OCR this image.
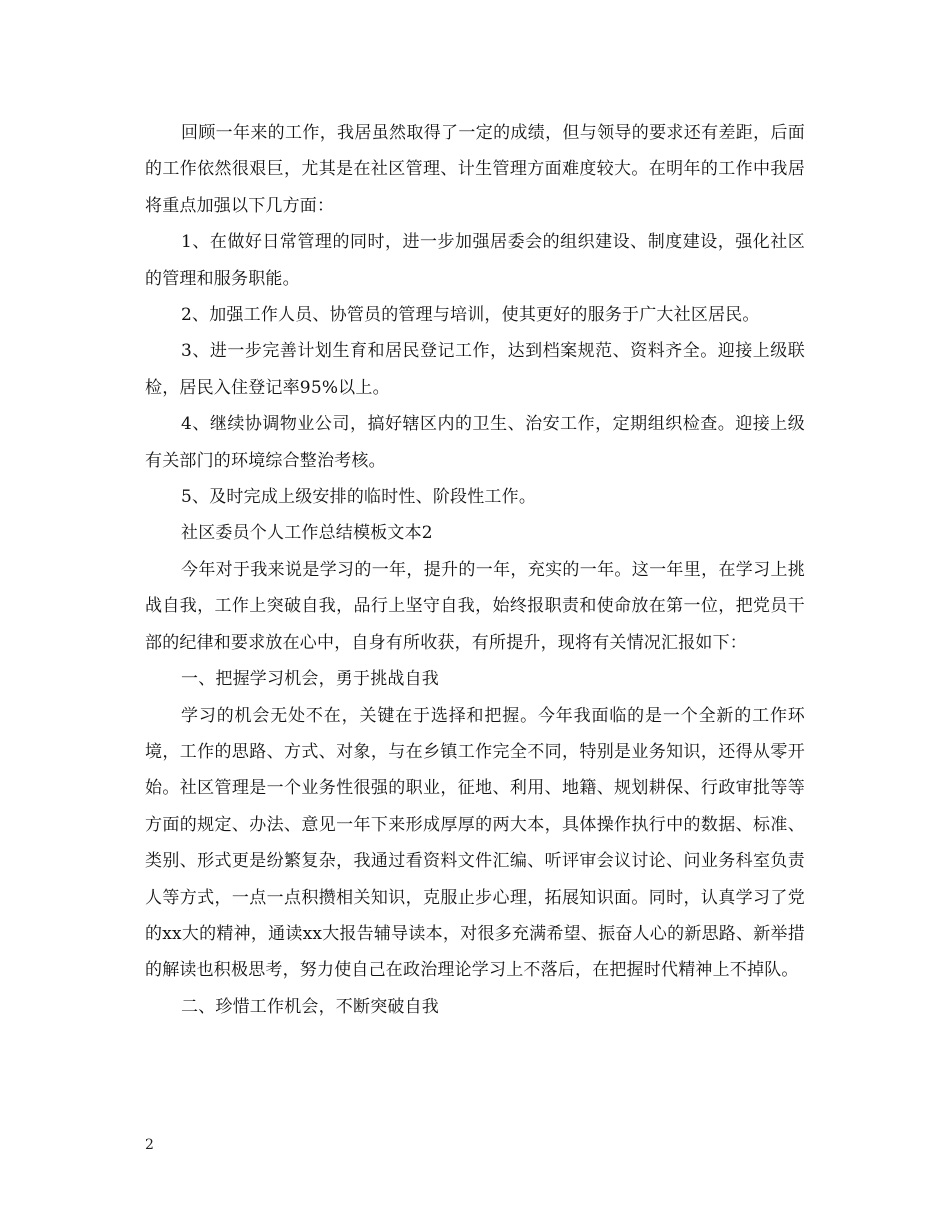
回顾一年来的工作，我居虽然取得了一定的成绩，但与领导的要求还有差距，后面的工作依然很艰巨，尤其是在社区管理、计生管理方面难度较大。在明年的工作中我居将重点加强以下几方面：

1、在做好日常管理的同时，进一步加强居委会的组织建设、制度建设，强化社区的管理和服务职能。

2、加强工作人员、协管员的管理与培训，使其更好的服务于广大社区居民。

3、进一步完善计划生育和居民登记工作，达到档案规范、资料齐全。迎接上级联检，居民入住登记率95%以上。

4、继续协调物业公司，搞好辖区内的卫生、治安工作，定期组织检查。迎接上级有关部门的环境综合整治考核。

5、及时完成上级安排的临时性、阶段性工作。

社区委员个人工作总结模板文本2

今年对于我来说是学习的一年，提升的一年，充实的一年。这一年里，在学习上挑战自我，工作上突破自我，品行上坚守自我，始终报职责和使命放在第一位，把党员干部的纪律和要求放在心中，自身有所收获，有所提升，现将有关情况汇报如下：

一、把握学习机会，勇于挑战自我

学习的机会无处不在，关键在于选择和把握。今年我面临的是一个全新的工作环境，工作的思路、方式、对象，与在乡镇工作完全不同，特别是业务知识，还得从零开始。社区管理是一个业务性很强的职业，征地、利用、地籍、规划耕保、行政审批等等方面的规定、办法、意见一年下来形成厚厚的两大本，具体操作执行中的数据、标准、类别、形式更是纷繁复杂，我通过看资料文件汇编、听评审会议讨论、问业务科室负责人等方式，一点一点积攒相关知识，克服止步心理，拓展知识面。同时，认真学习了党的xx大的精神，通读xx大报告辅导读本，对很多充满希望、振奋人心的新思路、新举措的解读也积极思考，努力使自己在政治理论学习上不落后，在把握时代精神上不掉队。

二、珍惜工作机会，不断突破自我

2
